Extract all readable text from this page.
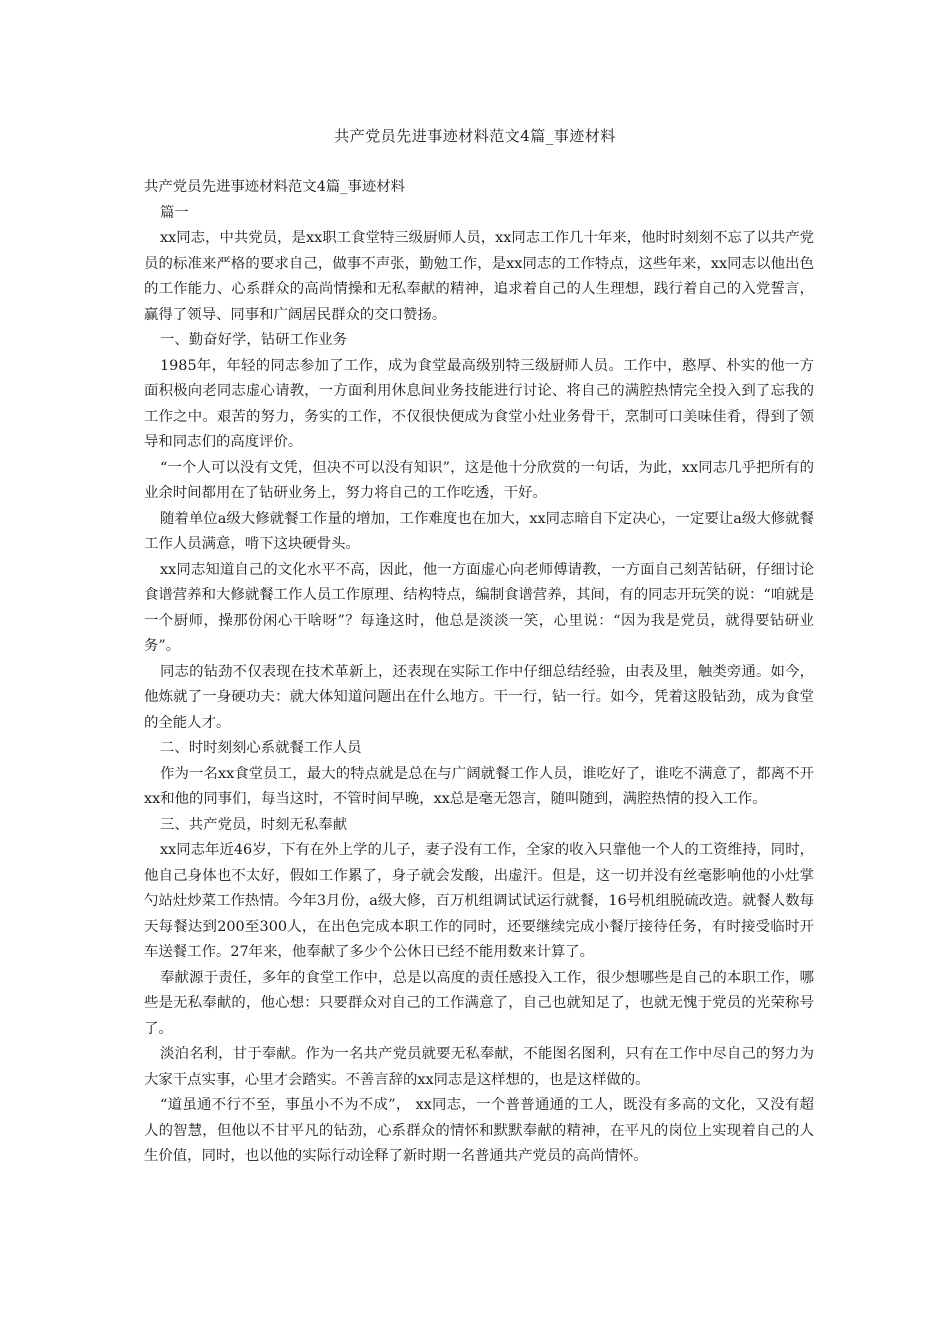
共产党员先进事迹材料范文4篇_事迹材料

共产党员先进事迹材料范文4篇_事迹材料

篇一

xx同志，中共党员，是xx职工食堂特三级厨师人员，xx同志工作几十年来，他时时刻刻不忘了以共产党员的标准来严格的要求自己，做事不声张，勤勉工作，是xx同志的工作特点，这些年来，xx同志以他出色的工作能力、心系群众的高尚情操和无私奉献的精神，追求着自己的人生理想，践行着自己的入党誓言，赢得了领导、同事和广阔居民群众的交口赞扬。

一、勤奋好学，钻研工作业务

1985年，年轻的同志参加了工作，成为食堂最高级别特三级厨师人员。工作中，憨厚、朴实的他一方面积极向老同志虚心请教，一方面利用休息间业务技能进行讨论、将自己的满腔热情完全投入到了忘我的工作之中。艰苦的努力，务实的工作，不仅很快便成为食堂小灶业务骨干，烹制可口美味佳肴，得到了领导和同志们的高度评价。

“一个人可以没有文凭，但决不可以没有知识”，这是他十分欣赏的一句话，为此，xx同志几乎把所有的业余时间都用在了钻研业务上，努力将自己的工作吃透，干好。

随着单位a级大修就餐工作量的增加，工作难度也在加大，xx同志暗自下定决心，一定要让a级大修就餐工作人员满意，啃下这块硬骨头。

xx同志知道自己的文化水平不高，因此，他一方面虚心向老师傅请教，一方面自己刻苦钻研，仔细讨论食谱营养和大修就餐工作人员工作原理、结构特点，编制食谱营养，其间，有的同志开玩笑的说：“咱就是一个厨师，操那份闲心干啥呀”？每逢这时，他总是淡淡一笑，心里说：“因为我是党员，就得要钻研业务”。

同志的钻劲不仅表现在技术革新上，还表现在实际工作中仔细总结经验，由表及里，触类旁通。如今，他炼就了一身硬功夫：就大体知道问题出在什么地方。干一行，钻一行。如今，凭着这股钻劲，成为食堂的全能人才。

二、时时刻刻心系就餐工作人员

作为一名xx食堂员工，最大的特点就是总在与广阔就餐工作人员，谁吃好了，谁吃不满意了，都离不开xx和他的同事们，每当这时，不管时间早晚，xx总是毫无怨言，随叫随到，满腔热情的投入工作。

三、共产党员，时刻无私奉献

xx同志年近46岁，下有在外上学的儿子，妻子没有工作，全家的收入只靠他一个人的工资维持，同时，他自己身体也不太好，假如工作累了，身子就会发酸，出虚汗。但是，这一切并没有丝毫影响他的小灶掌勺站灶炒菜工作热情。今年3月份，a级大修，百万机组调试试运行就餐，16号机组脱硫改造。就餐人数每天每餐达到200至300人，在出色完成本职工作的同时，还要继续完成小餐厅接待任务，有时接受临时开车送餐工作。27年来，他奉献了多少个公休日已经不能用数来计算了。

奉献源于责任，多年的食堂工作中，总是以高度的责任感投入工作，很少想哪些是自己的本职工作，哪些是无私奉献的，他心想：只要群众对自己的工作满意了，自己也就知足了，也就无愧于党员的光荣称号了。

淡泊名利，甘于奉献。作为一名共产党员就要无私奉献，不能图名图利，只有在工作中尽自己的努力为大家干点实事，心里才会踏实。不善言辞的xx同志是这样想的，也是这样做的。

“道虽通不行不至，事虽小不为不成”， xx同志，一个普普通通的工人，既没有多高的文化，又没有超人的智慧，但他以不甘平凡的钻劲，心系群众的情怀和默默奉献的精神，在平凡的岗位上实现着自己的人生价值，同时，也以他的实际行动诠释了新时期一名普通共产党员的高尚情怀。
